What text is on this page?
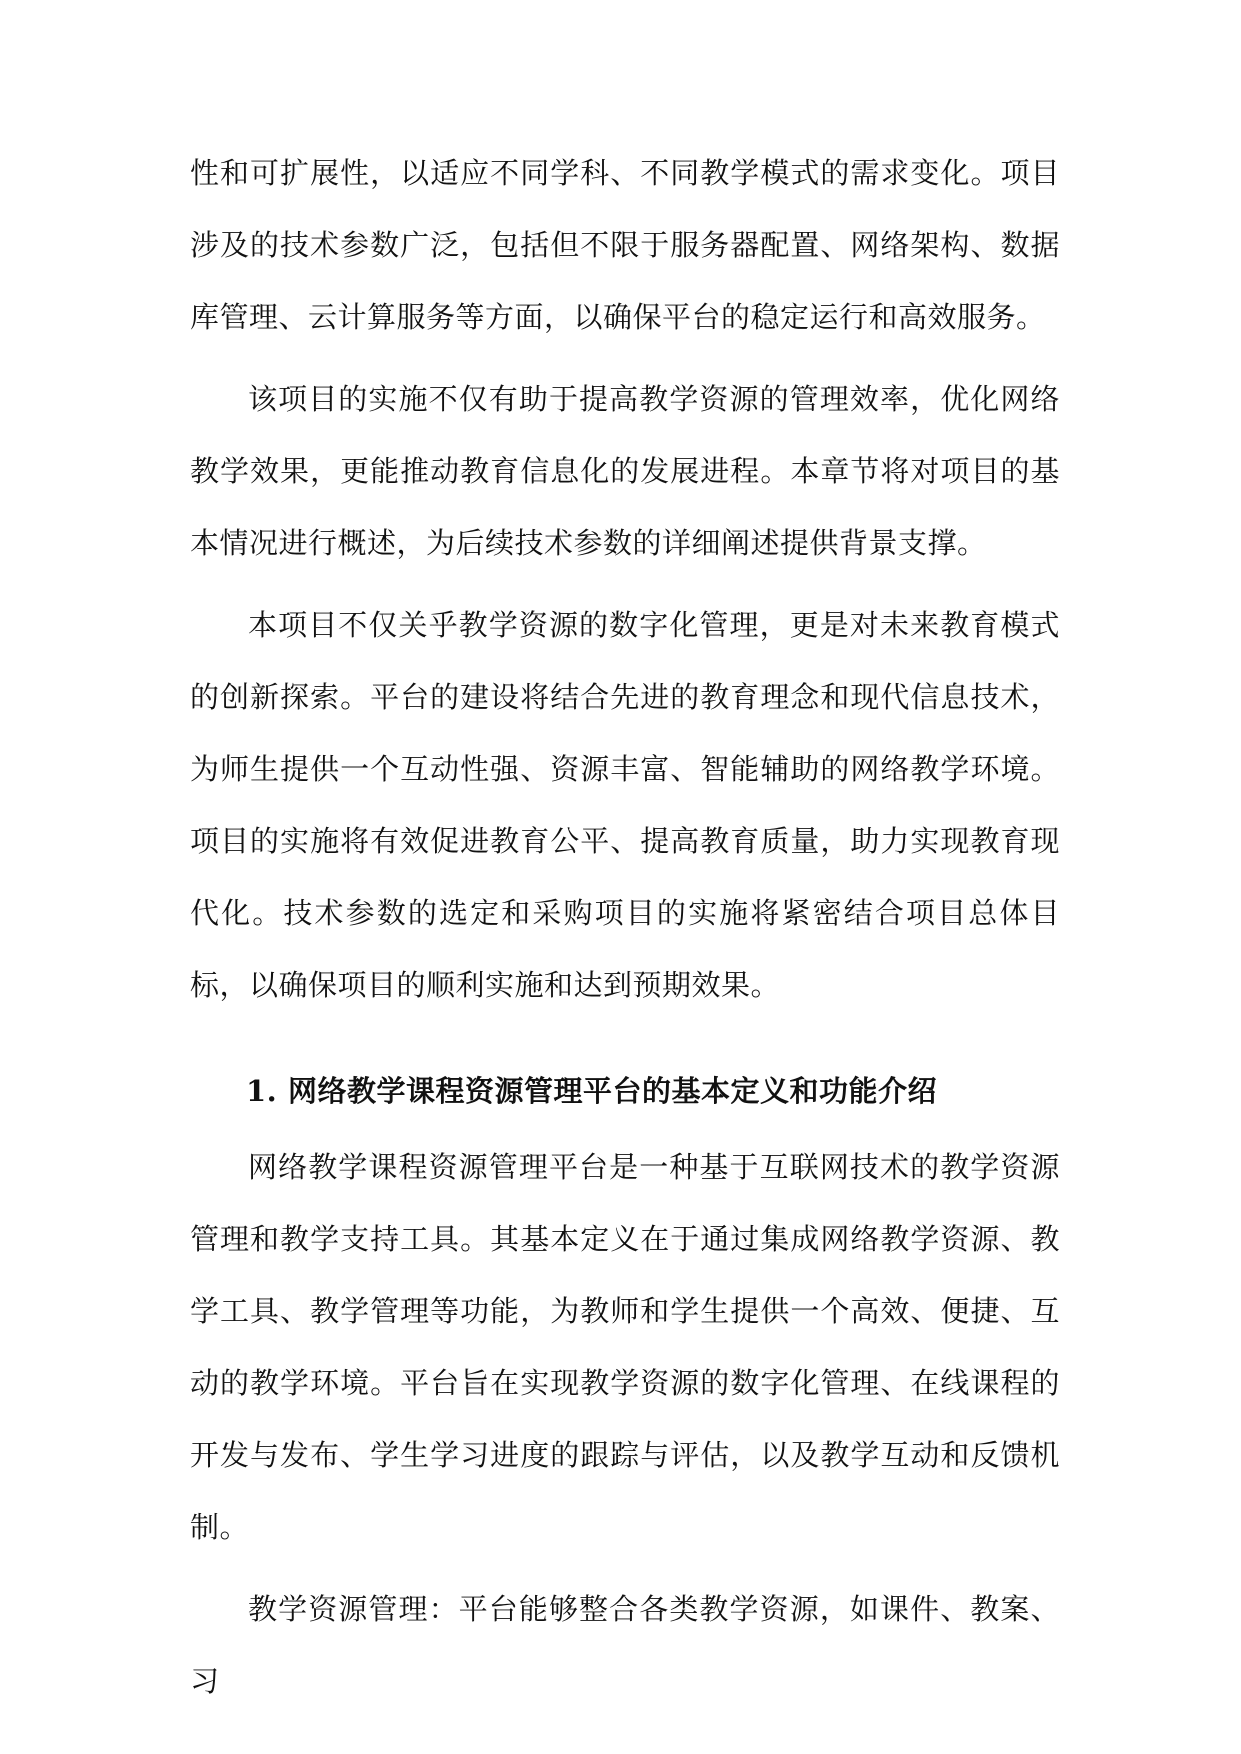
性和可扩展性，以适应不同学科、不同教学模式的需求变化。项目涉及的技术参数广泛，包括但不限于服务器配置、网络架构、数据库管理、云计算服务等方面，以确保平台的稳定运行和高效服务。

该项目的实施不仅有助于提高教学资源的管理效率，优化网络教学效果，更能推动教育信息化的发展进程。本章节将对项目的基本情况进行概述，为后续技术参数的详细阐述提供背景支撑。

本项目不仅关乎教学资源的数字化管理，更是对未来教育模式的创新探索。平台的建设将结合先进的教育理念和现代信息技术，为师生提供一个互动性强、资源丰富、智能辅助的网络教学环境。项目的实施将有效促进教育公平、提高教育质量，助力实现教育现代化。技术参数的选定和采购项目的实施将紧密结合项目总体目标，以确保项目的顺利实施和达到预期效果。

1. 网络教学课程资源管理平台的基本定义和功能介绍

网络教学课程资源管理平台是一种基于互联网技术的教学资源管理和教学支持工具。其基本定义在于通过集成网络教学资源、教学工具、教学管理等功能，为教师和学生提供一个高效、便捷、互动的教学环境。平台旨在实现教学资源的数字化管理、在线课程的开发与发布、学生学习进度的跟踪与评估，以及教学互动和反馈机制。

教学资源管理：平台能够整合各类教学资源，如课件、教案、习
